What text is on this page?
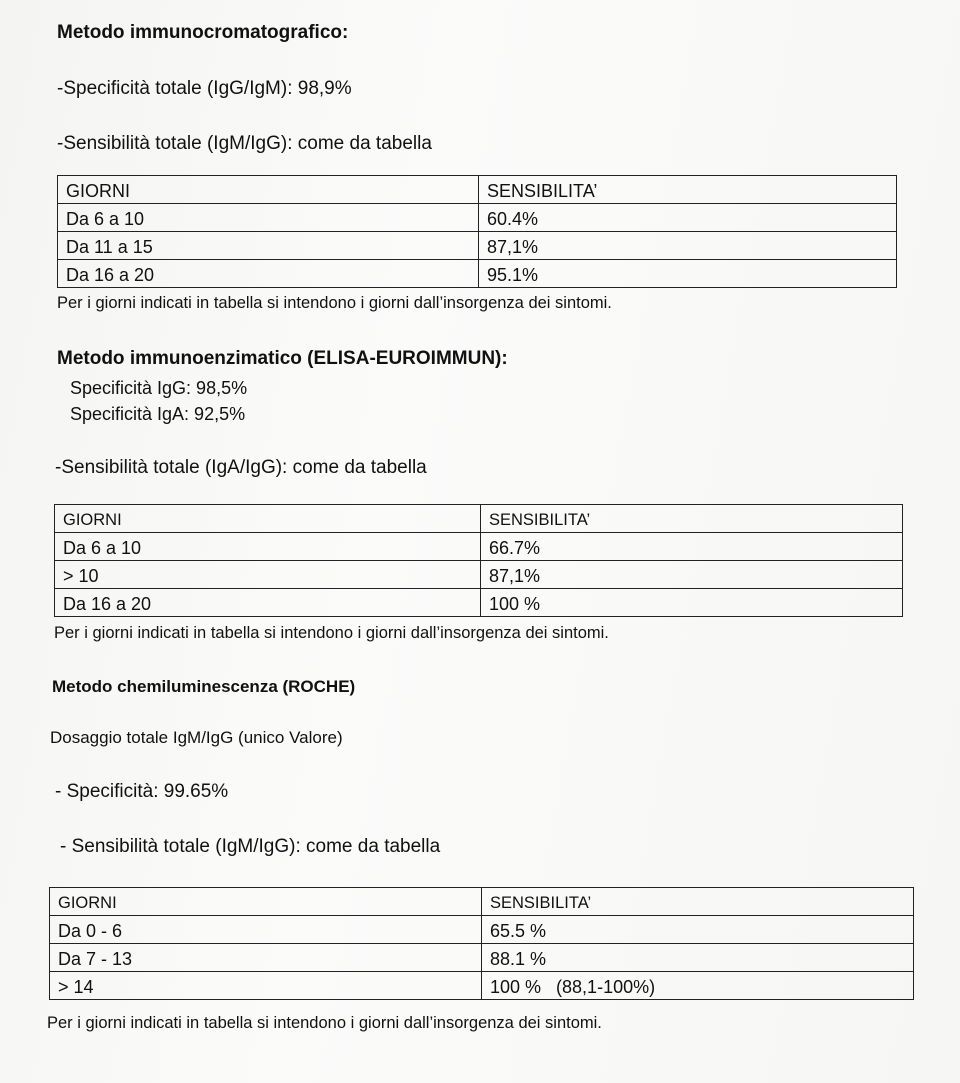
Metodo immunocromatografico:
-Specificità totale (IgG/IgM): 98,9%
-Sensibilità totale (IgM/IgG): come da tabella
GIORNI	SENSIBILITA’
Da 6 a 10	60.4%
Da 11 a 15	87,1%
Da 16 a 20	95.1%
Per i giorni indicati in tabella si intendono i giorni dall’insorgenza dei sintomi.
Metodo immunoenzimatico (ELISA-EUROIMMUN):
Specificità IgG: 98,5%
Specificità IgA: 92,5%
-Sensibilità totale (IgA/IgG): come da tabella
GIORNI	SENSIBILITA’
Da 6 a 10	66.7%
> 10	87,1%
Da 16 a 20	100 %
Per i giorni indicati in tabella si intendono i giorni dall’insorgenza dei sintomi.
Metodo chemiluminescenza (ROCHE)
Dosaggio totale IgM/IgG (unico Valore)
- Specificità: 99.65%
- Sensibilità totale (IgM/IgG): come da tabella
GIORNI	SENSIBILITA’
Da 0 - 6	65.5 %
Da 7 - 13	88.1 %
> 14	100 %   (88,1-100%)
Per i giorni indicati in tabella si intendono i giorni dall’insorgenza dei sintomi.
